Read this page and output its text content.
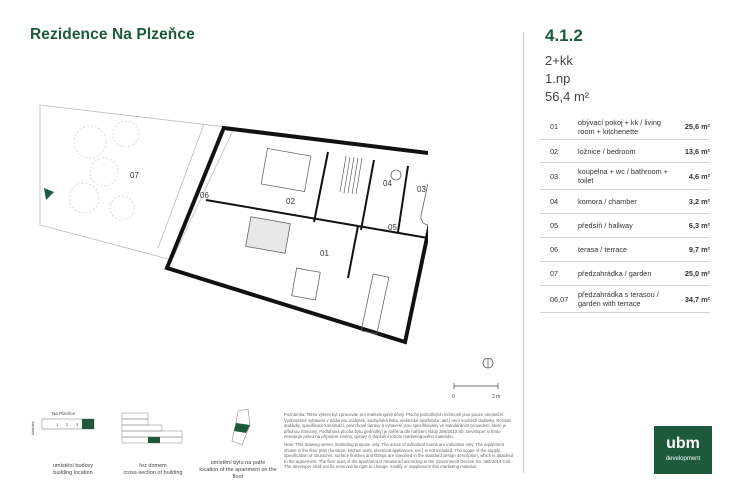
Rezidence Na Plzeňce	4.1.2
2+kk
1.np
56,4 m²
01	obývací pokoj + kk / living room + kitchenette	25,6 m²
02	ložnice / bedroom	13,6 m²
03	koupelna + wc / bathroom + toilet	4,6 m²
04	komora / chamber	3,2 m²
05	předsíň / hallway	6,3 m²
06	terasa / terrace	9,7 m²
07	předzahrádka / garden	25,0 m²
06,07	předzahrádka s terasou / garden with terrace	34,7 m²
07
06
02
04
03
05
01
0	2 m
Na Plzeňce
1 2 3
Nádražní
umístění budovy
building location
řez domem
cross-section of building
umístění bytu na patře
location of the apartment on the floor
Poznámka: Tento výkres byl zpracován pro marketingové účely. Plochy jednotlivých místností jsou pouze orientační. Vyobrazené vybavení v půdorysu (nábytek, kuchyňská linka, elektrické spotřebiče, atd.) není součástí dodávky. Rozsah dodávky, specifikace konstrukcí, povrchové úpravy a vybavení jsou specifikovány ve standardním provedení, které je přílohou Smlouvy. Podlahová plocha bytu (jednotky) je měřena dle nařízení vlády 366/2013 Sb. Developer si tímto nesvaluje právo na případné změny, úpravy či doplnění tohoto marketingového materiálu.
Note: This drawing serves marketing purpose only. The areas of individual rooms are indicative only. The equipment shown in the floor plan (furniture, kitchen units, electrical appliances, etc.) is not included. The scope of the supply, specification of structures, surface finishes and fittings are specified in the standard design description, which is attached to the agreement. The floor area of the apartment is measured according to the Government Decree No. 366/2013 Coll. The developer shall not be reserved its right to change, modify or supplement this marketing material.
ubm
development
